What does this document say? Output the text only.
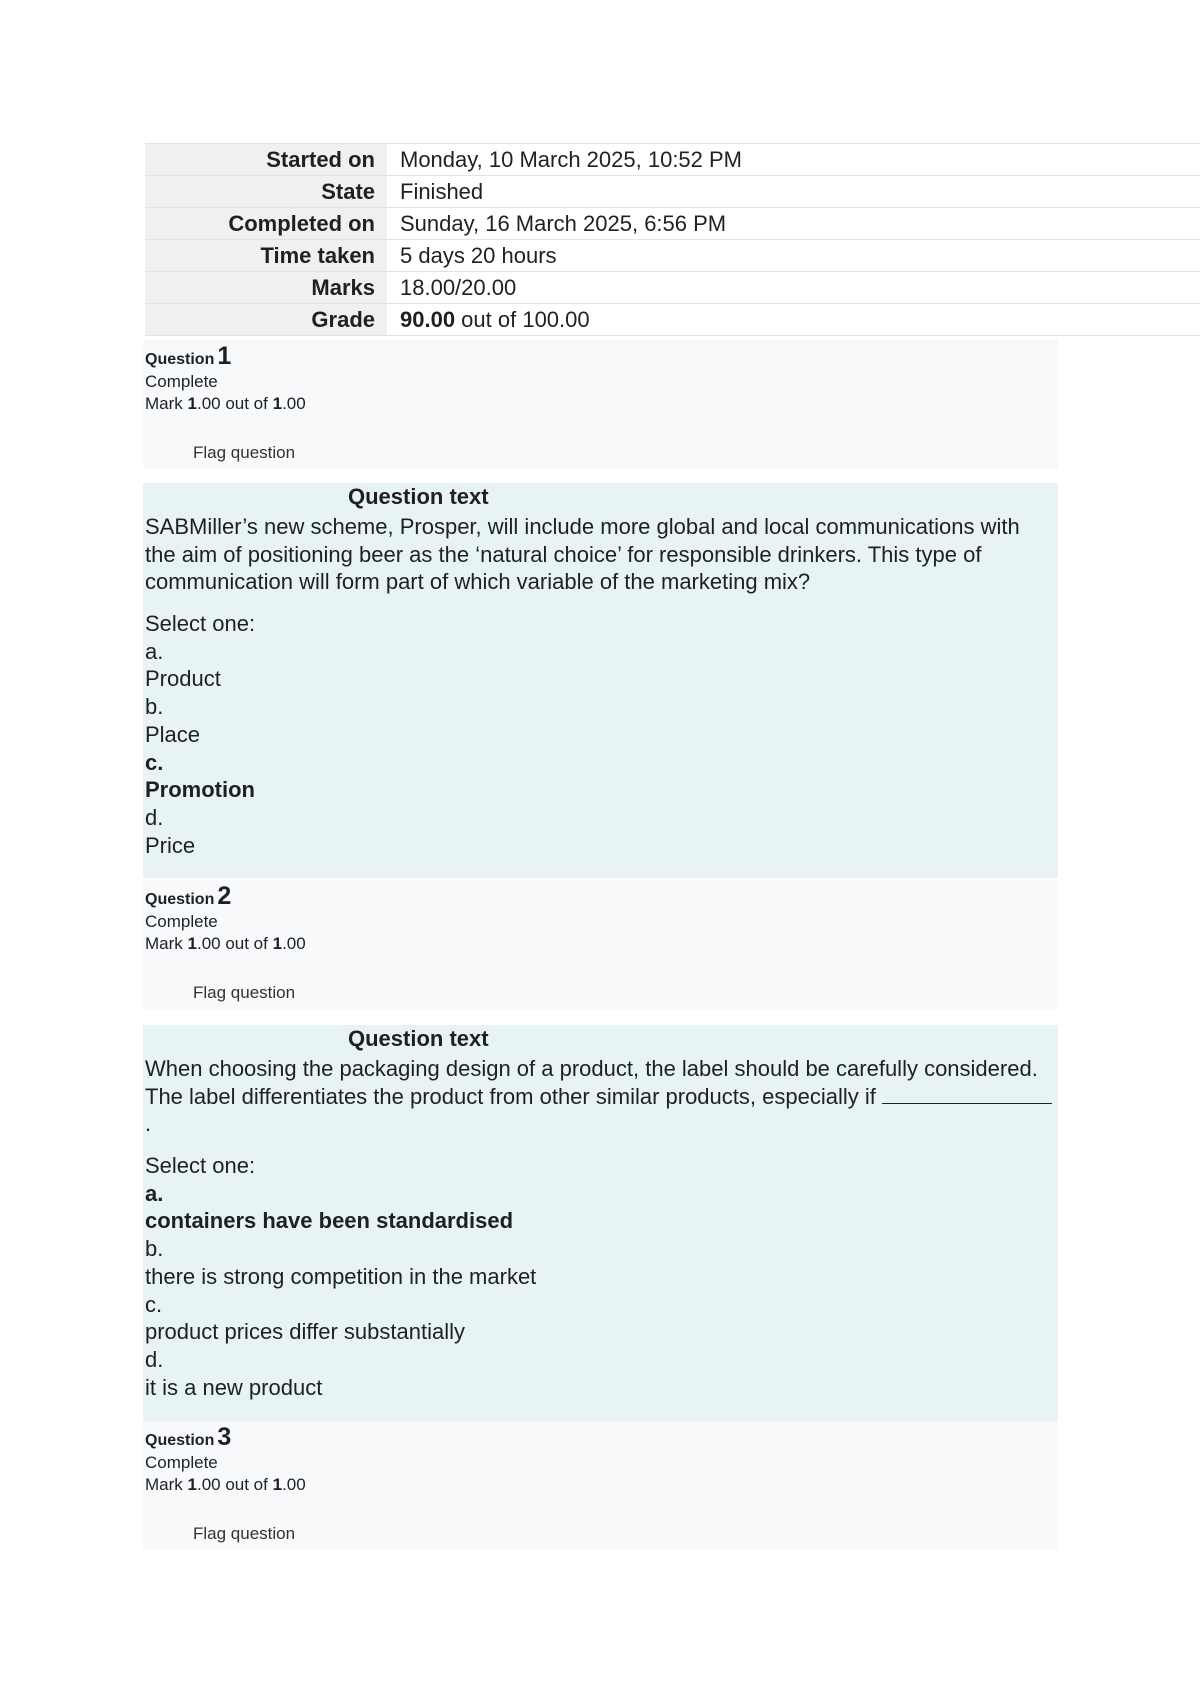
Started on	Monday, 10 March 2025, 10:52 PM
State	Finished
Completed on	Sunday, 16 March 2025, 6:56 PM
Time taken	5 days 20 hours
Marks	18.00/20.00
Grade	90.00 out of 100.00
Question 1
Complete
Mark 1.00 out of 1.00
Flag question
Question text
SABMiller’s new scheme, Prosper, will include more global and local communications with the aim of positioning beer as the ‘natural choice’ for responsible drinkers. This type of communication will form part of which variable of the marketing mix?
Select one:
a.
Product
b.
Place
c.
Promotion
d.
Price
Question 2
Complete
Mark 1.00 out of 1.00
Flag question
Question text
When choosing the packaging design of a product, the label should be carefully considered. The label differentiates the product from other similar products, especially if  .
Select one:
a.
containers have been standardised
b.
there is strong competition in the market
c.
product prices differ substantially
d.
it is a new product
Question 3
Complete
Mark 1.00 out of 1.00
Flag question
